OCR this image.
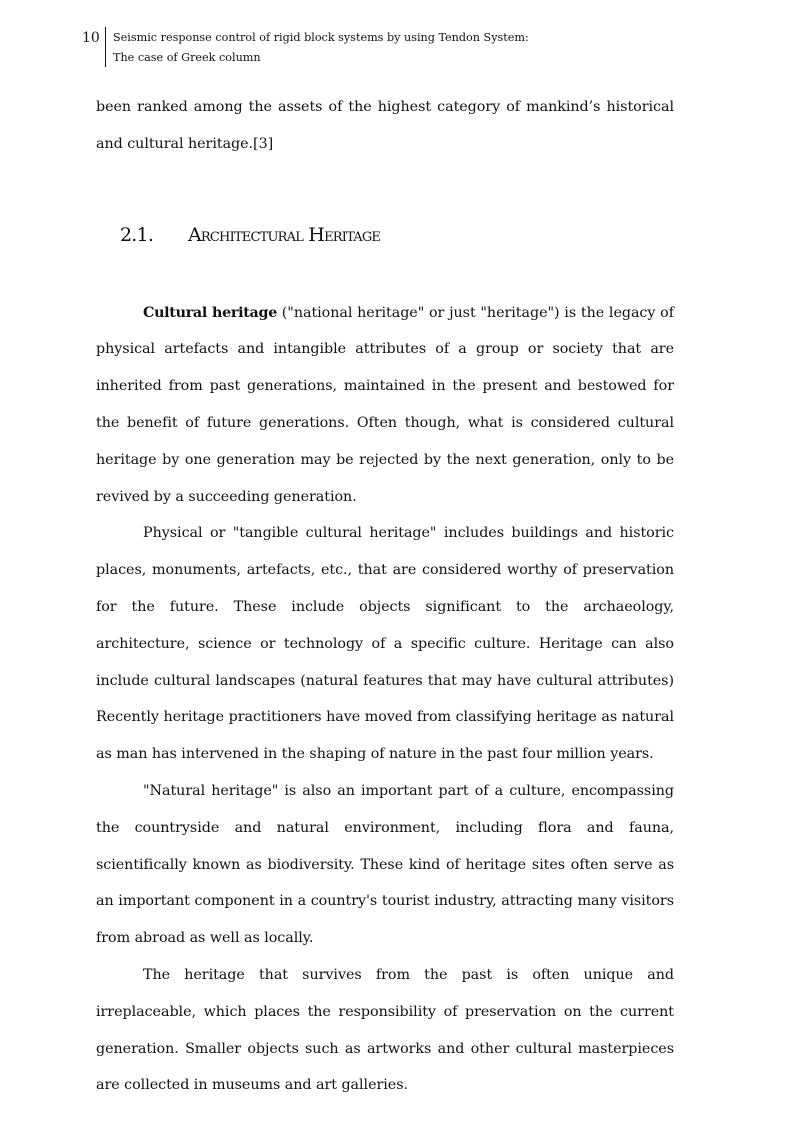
10 Seismic response control of rigid block systems by using Tendon System:
The case of Greek column

been ranked among the assets of the highest category of mankind’s historical and cultural heritage.[3]

2.1.	Architectural Heritage

Cultural heritage ("national heritage" or just "heritage") is the legacy of physical artefacts and intangible attributes of a group or society that are inherited from past generations, maintained in the present and bestowed for the benefit of future generations. Often though, what is considered cultural heritage by one generation may be rejected by the next generation, only to be revived by a succeeding generation.

Physical or "tangible cultural heritage" includes buildings and historic places, monuments, artefacts, etc., that are considered worthy of preservation for the future. These include objects significant to the archaeology, architecture, science or technology of a specific culture. Heritage can also include cultural landscapes (natural features that may have cultural attributes) Recently heritage practitioners have moved from classifying heritage as natural as man has intervened in the shaping of nature in the past four million years.

"Natural heritage" is also an important part of a culture, encompassing the countryside and natural environment, including flora and fauna, scientifically known as biodiversity. These kind of heritage sites often serve as an important component in a country's tourist industry, attracting many visitors from abroad as well as locally.

The heritage that survives from the past is often unique and irreplaceable, which places the responsibility of preservation on the current generation. Smaller objects such as artworks and other cultural masterpieces are collected in museums and art galleries.
